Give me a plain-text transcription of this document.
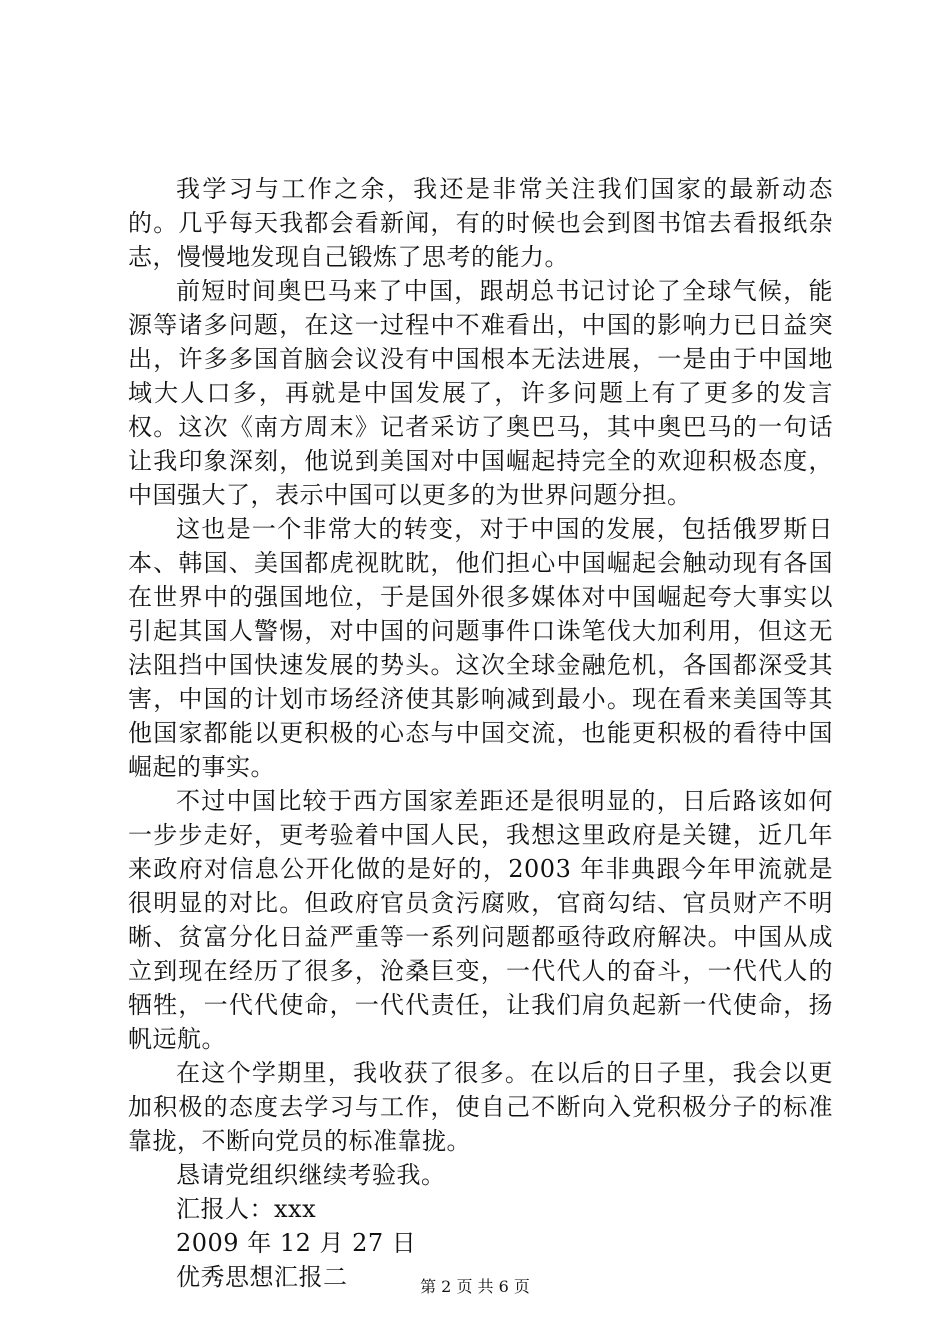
我学习与工作之余，我还是非常关注我们国家的最新动态的。几乎每天我都会看新闻，有的时候也会到图书馆去看报纸杂志，慢慢地发现自己锻炼了思考的能力。

前短时间奥巴马来了中国，跟胡总书记讨论了全球气候，能源等诸多问题，在这一过程中不难看出，中国的影响力已日益突出，许多多国首脑会议没有中国根本无法进展，一是由于中国地域大人口多，再就是中国发展了，许多问题上有了更多的发言权。这次《南方周末》记者采访了奥巴马，其中奥巴马的一句话让我印象深刻，他说到美国对中国崛起持完全的欢迎积极态度，中国强大了，表示中国可以更多的为世界问题分担。

这也是一个非常大的转变，对于中国的发展，包括俄罗斯日本、韩国、美国都虎视眈眈，他们担心中国崛起会触动现有各国在世界中的强国地位，于是国外很多媒体对中国崛起夸大事实以引起其国人警惕，对中国的问题事件口诛笔伐大加利用，但这无法阻挡中国快速发展的势头。这次全球金融危机，各国都深受其害，中国的计划市场经济使其影响减到最小。现在看来美国等其他国家都能以更积极的心态与中国交流，也能更积极的看待中国崛起的事实。

不过中国比较于西方国家差距还是很明显的，日后路该如何一步步走好，更考验着中国人民，我想这里政府是关键，近几年来政府对信息公开化做的是好的，2003 年非典跟今年甲流就是很明显的对比。但政府官员贪污腐败，官商勾结、官员财产不明晰、贫富分化日益严重等一系列问题都亟待政府解决。中国从成立到现在经历了很多，沧桑巨变，一代代人的奋斗，一代代人的牺牲，一代代使命，一代代责任，让我们肩负起新一代使命，扬帆远航。

在这个学期里，我收获了很多。在以后的日子里，我会以更加积极的态度去学习与工作，使自己不断向入党积极分子的标准靠拢，不断向党员的标准靠拢。

恳请党组织继续考验我。

汇报人：xxx

2009 年 12 月 27 日

优秀思想汇报二	第 2 页 共 6 页
